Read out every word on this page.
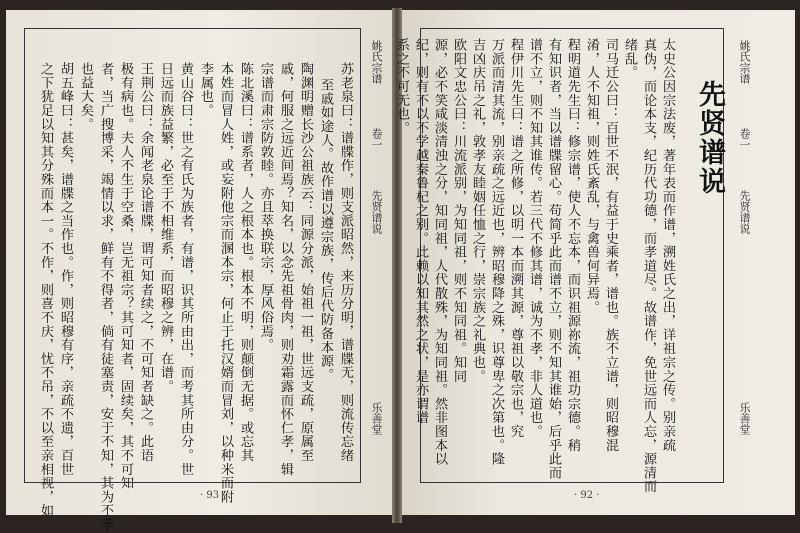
姚氏宗谱
卷一
先贤谱说
乐善堂
苏老泉曰：谱牒作，则支派昭然，来历分明，谱牒无，则流传忘绪
至戚如途人。故作谱以遵宗族，传后代防备本源。
陶渊明赠长沙公祖族云：同源分派，始祖一祖，世远支疏，原属至
戚，何服之远近间焉？知名，以念先祖骨肉，则劝霜露而怀仁孝，辑
宗谱而肃宗防敦睦。亦且萃换联宗，厚风俗焉。
陈北溪曰：谱系者，人之根本也。根本不明，则颠倒无据。或忘其
本姓而冒人姓，或妄附他宗而溷本宗，何止于托汉婿而冒刘，以种米而附
李属也。
黄山谷曰：世之有氏为族者，有谱，识其所由出，而考其所由分。世
日远而族益繁，必至于不相维系，而昭穆之辨，在谱。
王荆公曰：余闻老泉论谱牒，谓可知者续之，不可知者缺之。此语
极有病也。夫人不生于空桑，岂无祖宗？其可知者，固续矣，其不可知
者，当广搜博采，竭情以求，鲜有不得者，倘有徒塞责，安于不知，其为不孝
也益大矣。
胡五峰曰：甚矣，谱牒之当作也。作，则昭穆有序，亲疏不遗，百世
之下犹足以知其分殊而本一。不作，则喜不庆，忧不吊，不以至亲相视，如	· 93 ·
姚氏宗谱
卷一
先贤谱说
乐善堂
先贤谱说
太史公因宗法废，著年表而作谱，溯姓氏之出，详祖宗之传。别亲疏
真伪，而论本支，纪历代功德，而孝道尽。故谱作，免世远而人忘，源清而
绪乱。
司马迁公曰：百世不泯，有益于史乘者，谱也。族不立谱，则昭穆混
淆，人不知祖，则姓氏紊乱，与禽兽何异焉。
程明道先生曰：修宗谱，使人不忘本，而识祖源祢流，祖功宗德。稍
有知识者，当以谱牒留心。苟简乎此而谱不立，则不知其谁始，后乎此而
谱不立，则不知其谁传。若三代不修其谱，诚为不孝，非人道也。
程伊川先生曰：谱之所修，以明一本而溯其源，尊祖以敬宗也，究
万派而清其流，别亲疏之远近也，辨昭穆降之殊，识尊卑之次第也。隆
吉凶庆吊之礼，敦孝友睦姻任恤之行，崇宗族之礼典也。
欧阳文忠公曰：川流派别，为知同祖，则不知同祖。知同
源，必不笑咸淡清浊之分，知同祖，人代散殊，为知同祖。然非图本以
纪，则有不以不学越秦鲁杞之别。此赖以知其然之状，是亦谓谱
系之不可无也。
· 92 ·
